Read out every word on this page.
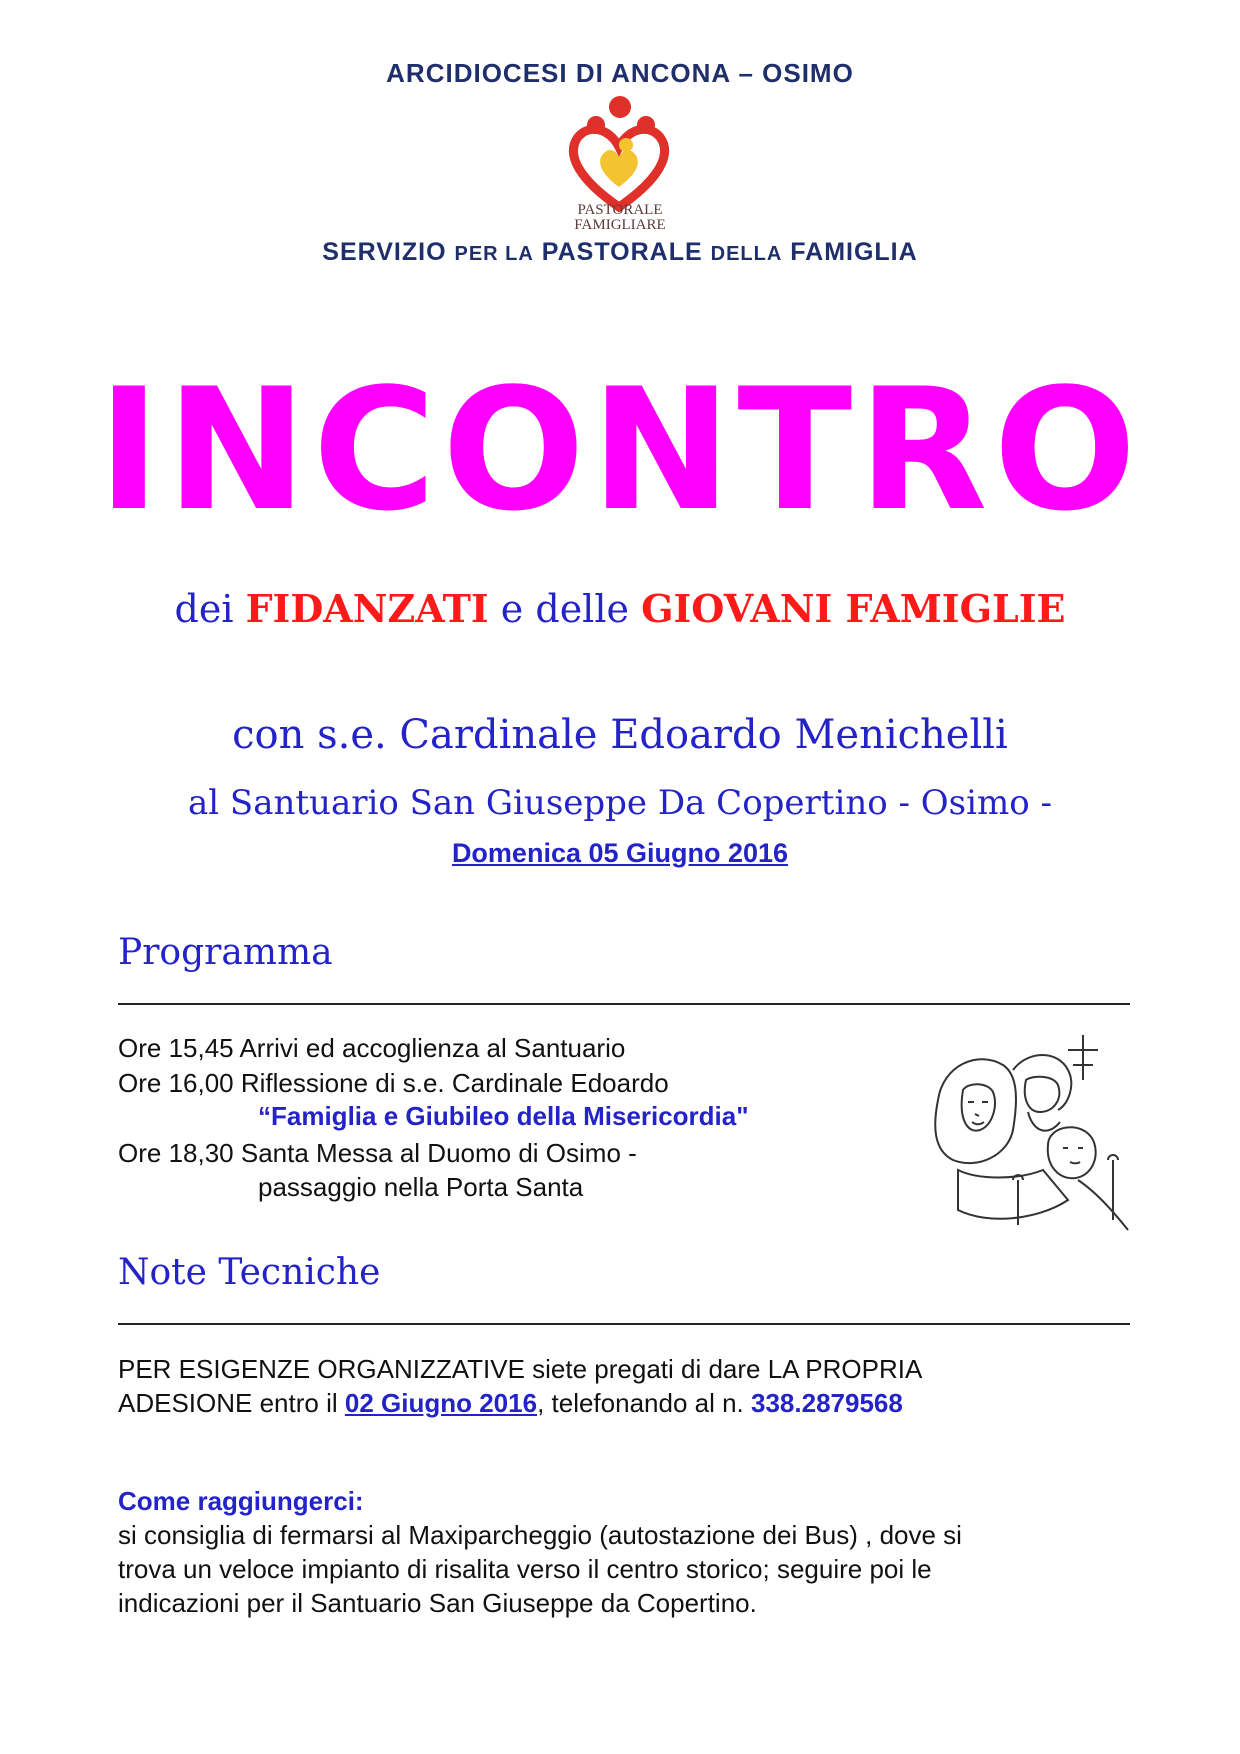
ARCIDIOCESI DI ANCONA – OSIMO
PASTORALE
FAMIGLIARE
SERVIZIO PER LA PASTORALE DELLA FAMIGLIA
INCONTRO
dei FIDANZATI e delle GIOVANI FAMIGLIE
con s.e. Cardinale Edoardo Menichelli
al Santuario San Giuseppe Da Copertino - Osimo -
Domenica 05 Giugno 2016
Programma
Ore 15,45 Arrivi ed accoglienza al Santuario
Ore 16,00 Riflessione di s.e. Cardinale Edoardo
“Famiglia e Giubileo della Misericordia"
Ore 18,30 Santa Messa al Duomo di Osimo -
passaggio nella Porta Santa
Note Tecniche
PER ESIGENZE ORGANIZZATIVE siete pregati di dare LA PROPRIA
ADESIONE entro il 02 Giugno 2016, telefonando al n. 338.2879568
Come raggiungerci:
si consiglia di fermarsi al Maxiparcheggio (autostazione dei Bus) , dove si
trova un veloce impianto di risalita verso il centro storico; seguire poi le
indicazioni per il Santuario San Giuseppe da Copertino.
